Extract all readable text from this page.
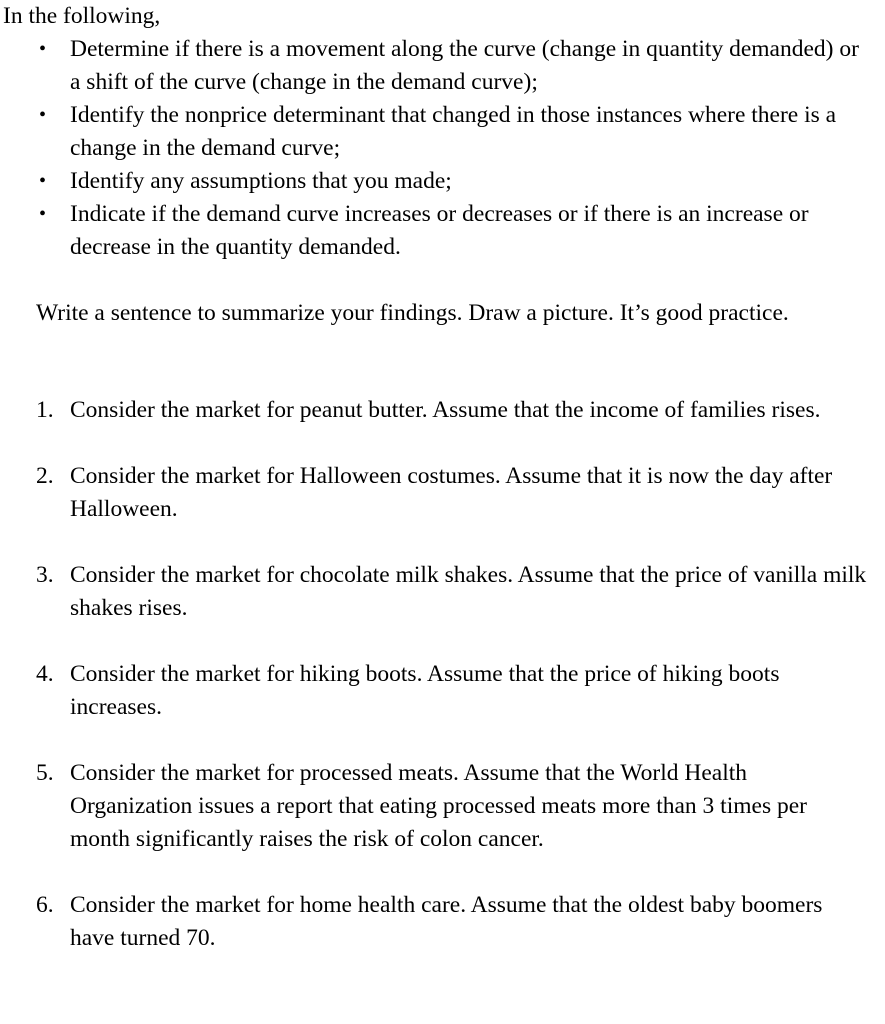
In the following,

• Determine if there is a movement along the curve (change in quantity demanded) or a shift of the curve (change in the demand curve);
• Identify the nonprice determinant that changed in those instances where there is a change in the demand curve;
• Identify any assumptions that you made;
• Indicate if the demand curve increases or decreases or if there is an increase or decrease in the quantity demanded.

Write a sentence to summarize your findings. Draw a picture. It’s good practice.

1. Consider the market for peanut butter. Assume that the income of families rises.
2. Consider the market for Halloween costumes. Assume that it is now the day after Halloween.
3. Consider the market for chocolate milk shakes. Assume that the price of vanilla milk shakes rises.
4. Consider the market for hiking boots. Assume that the price of hiking boots increases.
5. Consider the market for processed meats. Assume that the World Health Organization issues a report that eating processed meats more than 3 times per month significantly raises the risk of colon cancer.
6. Consider the market for home health care. Assume that the oldest baby boomers have turned 70.
